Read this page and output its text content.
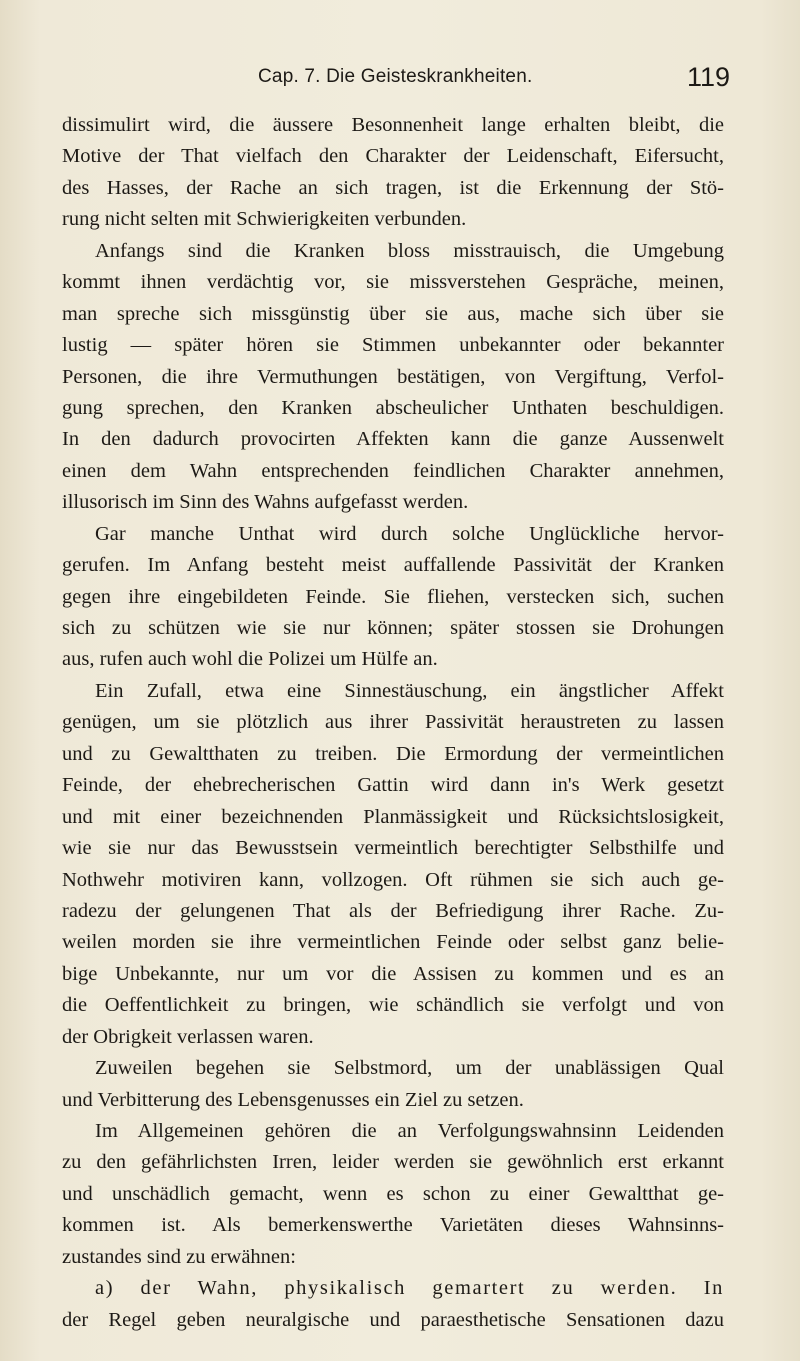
Cap. 7. Die Geisteskrankheiten.	119
dissimulirt wird, die äussere Besonnenheit lange erhalten bleibt, die
Motive der That vielfach den Charakter der Leidenschaft, Eifersucht,
des Hasses, der Rache an sich tragen, ist die Erkennung der Stö-
rung nicht selten mit Schwierigkeiten verbunden.
Anfangs sind die Kranken bloss misstrauisch, die Umgebung
kommt ihnen verdächtig vor, sie missverstehen Gespräche, meinen,
man spreche sich missgünstig über sie aus, mache sich über sie
lustig — später hören sie Stimmen unbekannter oder bekannter
Personen, die ihre Vermuthungen bestätigen, von Vergiftung, Verfol-
gung sprechen, den Kranken abscheulicher Unthaten beschuldigen.
In den dadurch provocirten Affekten kann die ganze Aussenwelt
einen dem Wahn entsprechenden feindlichen Charakter annehmen,
illusorisch im Sinn des Wahns aufgefasst werden.
Gar manche Unthat wird durch solche Unglückliche hervor-
gerufen. Im Anfang besteht meist auffallende Passivität der Kranken
gegen ihre eingebildeten Feinde. Sie fliehen, verstecken sich, suchen
sich zu schützen wie sie nur können; später stossen sie Drohungen
aus, rufen auch wohl die Polizei um Hülfe an.
Ein Zufall, etwa eine Sinnestäuschung, ein ängstlicher Affekt
genügen, um sie plötzlich aus ihrer Passivität heraustreten zu lassen
und zu Gewaltthaten zu treiben. Die Ermordung der vermeintlichen
Feinde, der ehebrecherischen Gattin wird dann in's Werk gesetzt
und mit einer bezeichnenden Planmässigkeit und Rücksichtslosigkeit,
wie sie nur das Bewusstsein vermeintlich berechtigter Selbsthilfe und
Nothwehr motiviren kann, vollzogen. Oft rühmen sie sich auch ge-
radezu der gelungenen That als der Befriedigung ihrer Rache. Zu-
weilen morden sie ihre vermeintlichen Feinde oder selbst ganz belie-
bige Unbekannte, nur um vor die Assisen zu kommen und es an
die Oeffentlichkeit zu bringen, wie schändlich sie verfolgt und von
der Obrigkeit verlassen waren.
Zuweilen begehen sie Selbstmord, um der unablässigen Qual
und Verbitterung des Lebensgenusses ein Ziel zu setzen.
Im Allgemeinen gehören die an Verfolgungswahnsinn Leidenden
zu den gefährlichsten Irren, leider werden sie gewöhnlich erst erkannt
und unschädlich gemacht, wenn es schon zu einer Gewaltthat ge-
kommen ist. Als bemerkenswerthe Varietäten dieses Wahnsinns-
zustandes sind zu erwähnen:
a) der Wahn, physikalisch gemartert zu werden. In
der Regel geben neuralgische und paraesthetische Sensationen dazu
